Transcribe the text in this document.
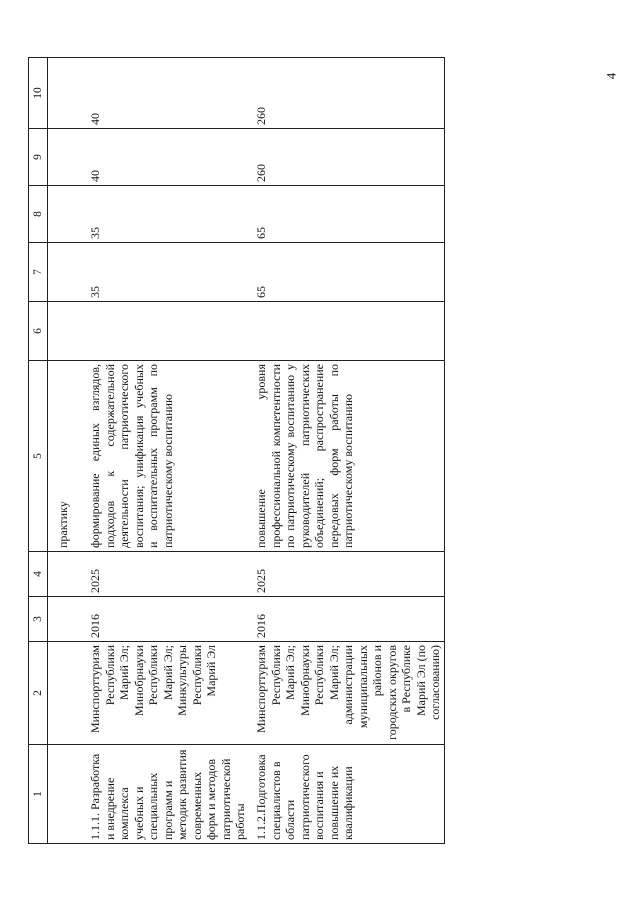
4
1	2	3	4	5	6	7	8	9	10
				практику					
1.1.1. Разработка и внедрение комплекса учебных и специальных программ и методик развития современных форм и методов патриотической работы	Минспорттуризм Республики Марий Эл; Минобрнауки Республики Марий Эл; Минкультуры Республики Марий Эл	2016	2025	формирование единых взглядов, подходов к содержательной деятельности патриотического воспитания; унификация учебных и воспитательных программ по патриотическому воспитанию		35	35	40	40
1.1.2.Подготовка специалистов в области патриотического воспитания и повышение их квалификации	Минспорттуризм Республики Марий Эл; Минобрнауки Республики Марий Эл; администрации муниципальных районов и городских округов в Республике Марий Эл (по согласованию)	2016	2025	повышение уровня профессиональной компетентности по патриотическому воспитанию у руководителей патриотических объединений; распространение передовых форм работы по патриотическому воспитанию		65	65	260	260
